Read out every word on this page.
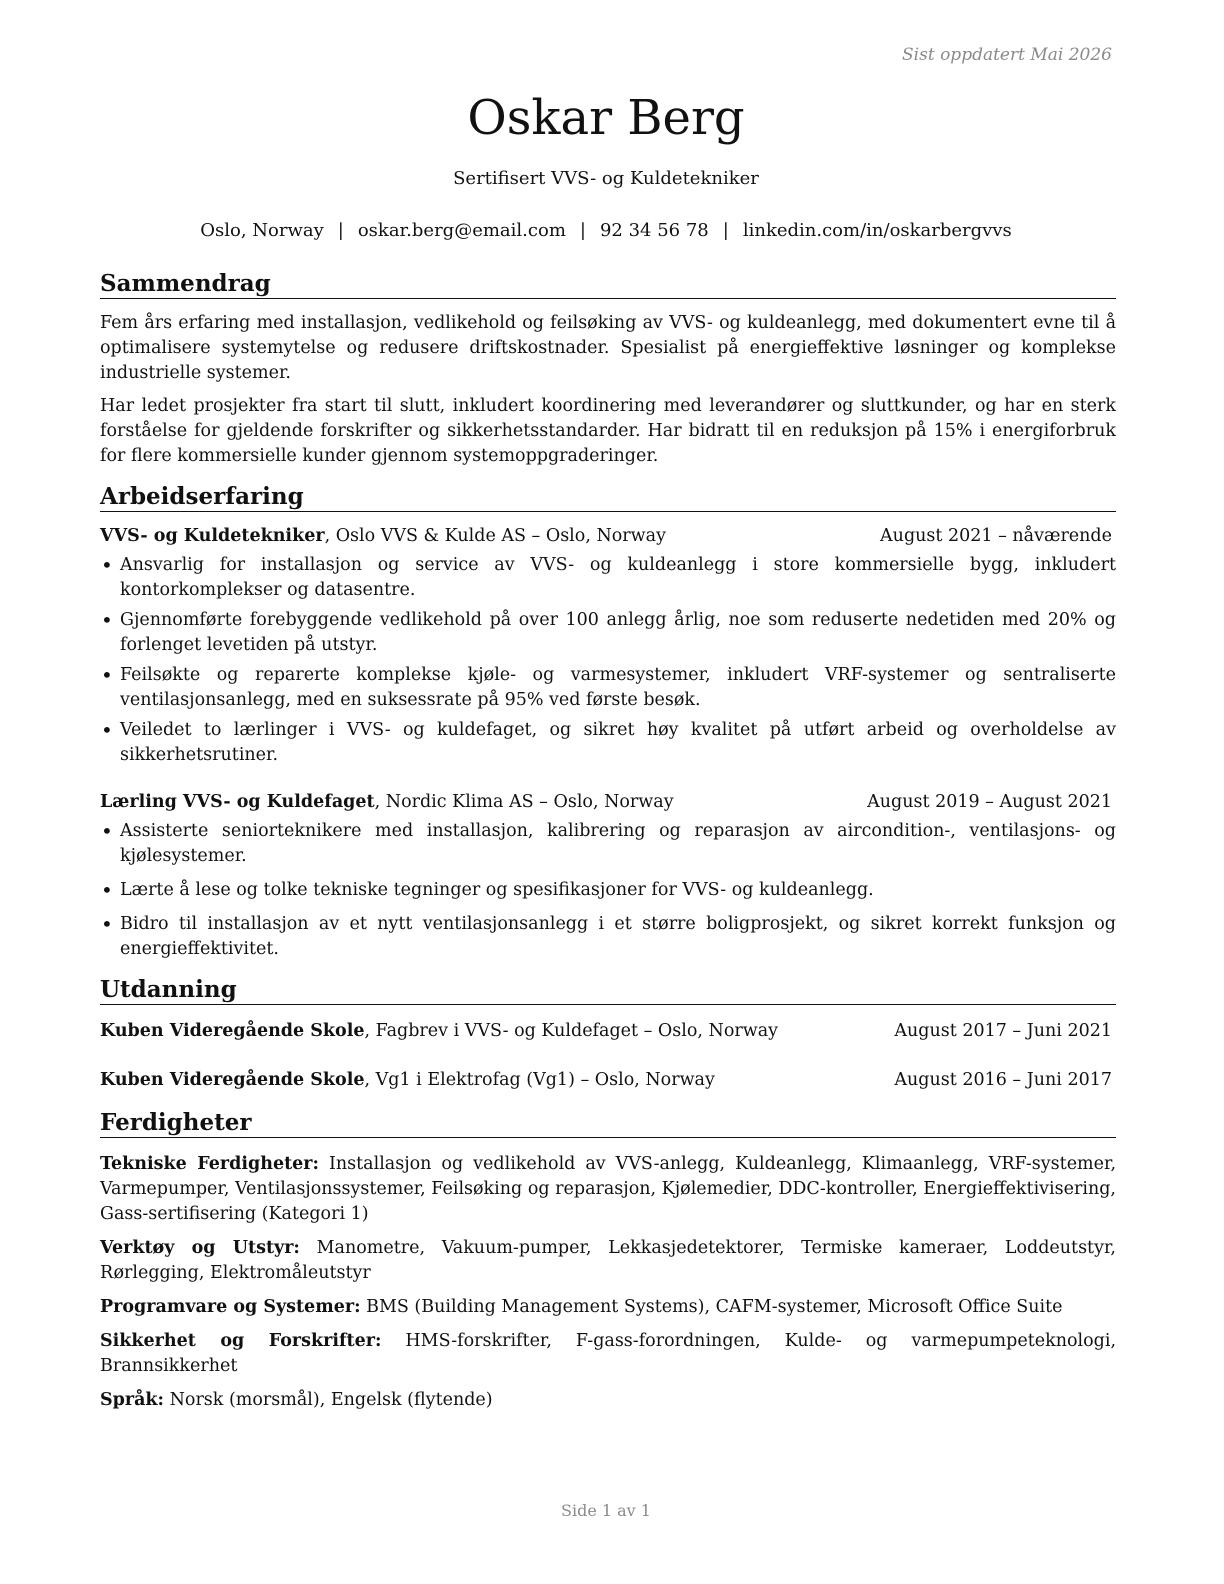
Sist oppdatert Mai 2026
Oskar Berg
Sertifisert VVS- og Kuldetekniker
Oslo, Norway | oskar.berg@email.com | 92 34 56 78 | linkedin.com/in/oskarbergvvs
Sammendrag

Fem års erfaring med installasjon, vedlikehold og feilsøking av VVS- og kuldeanlegg, med dokumentert evne til å optimalisere systemytelse og redusere driftskostnader. Spesialist på energieffektive løsninger og komplekse industrielle systemer.

Har ledet prosjekter fra start til slutt, inkludert koordinering med leverandører og sluttkunder, og har en sterk forståelse for gjeldende forskrifter og sikkerhetsstandarder. Har bidratt til en reduksjon på 15% i energiforbruk for flere kommersielle kunder gjennom systemoppgraderinger.

Arbeidserfaring
VVS- og Kuldetekniker, Oslo VVS & Kulde AS – Oslo, Norway	August 2021 – nåværende
• Ansvarlig for installasjon og service av VVS- og kuldeanlegg i store kommersielle bygg, inkludert kontorkomplekser og datasentre.
• Gjennomførte forebyggende vedlikehold på over 100 anlegg årlig, noe som reduserte nedetiden med 20% og forlenget levetiden på utstyr.
• Feilsøkte og reparerte komplekse kjøle- og varmesystemer, inkludert VRF-systemer og sentraliserte ventilasjonsanlegg, med en suksessrate på 95% ved første besøk.
• Veiledet to lærlinger i VVS- og kuldefaget, og sikret høy kvalitet på utført arbeid og overholdelse av sikkerhetsrutiner.
Lærling VVS- og Kuldefaget, Nordic Klima AS – Oslo, Norway	August 2019 – August 2021
• Assisterte seniorteknikere med installasjon, kalibrering og reparasjon av aircondition-, ventilasjons- og kjølesystemer.
• Lærte å lese og tolke tekniske tegninger og spesifikasjoner for VVS- og kuldeanlegg.
• Bidro til installasjon av et nytt ventilasjonsanlegg i et større boligprosjekt, og sikret korrekt funksjon og energieffektivitet.
Utdanning
Kuben Videregående Skole, Fagbrev i VVS- og Kuldefaget – Oslo, Norway	August 2017 – Juni 2021
Kuben Videregående Skole, Vg1 i Elektrofag (Vg1) – Oslo, Norway	August 2016 – Juni 2017
Ferdigheter

Tekniske Ferdigheter: Installasjon og vedlikehold av VVS-anlegg, Kuldeanlegg, Klimaanlegg, VRF-systemer, Varmepumper, Ventilasjonssystemer, Feilsøking og reparasjon, Kjølemedier, DDC-kontroller, Energieffektivisering, Gass-sertifisering (Kategori 1)

Verktøy og Utstyr: Manometre, Vakuum-pumper, Lekkasjedetektorer, Termiske kameraer, Loddeutstyr, Rørlegging, Elektromåleutstyr

Programvare og Systemer: BMS (Building Management Systems), CAFM-systemer, Microsoft Office Suite

Sikkerhet og Forskrifter: HMS-forskrifter, F-gass-forordningen, Kulde- og varmepumpeteknologi, Brannsikkerhet

Språk: Norsk (morsmål), Engelsk (flytende)

Side 1 av 1
